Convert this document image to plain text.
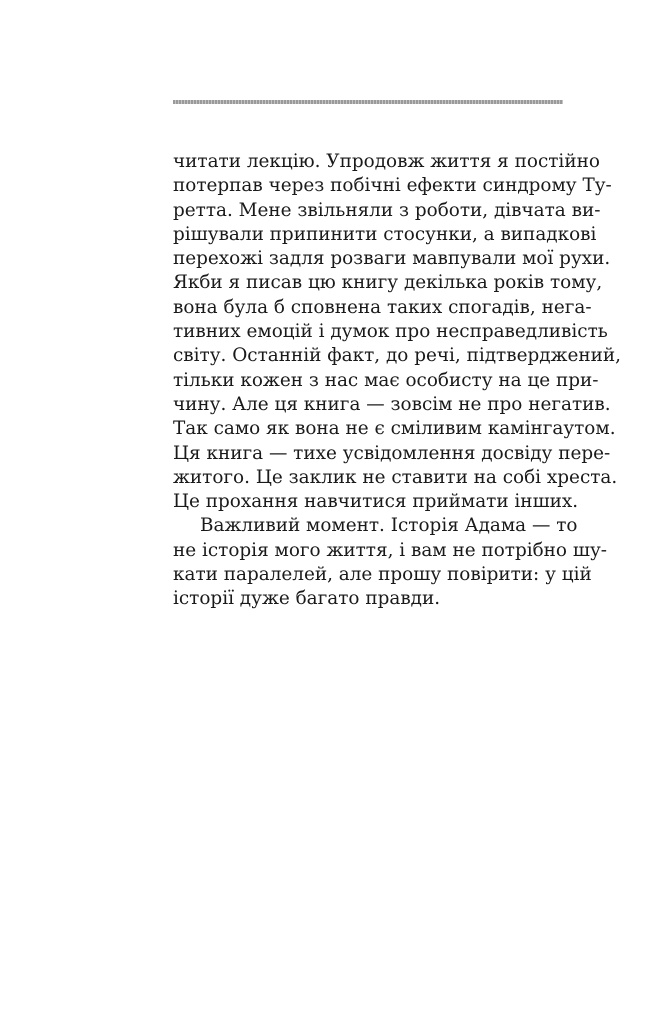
читати лекцію. Упродовж життя я постійно
потерпав через побічні ефекти синдрому Ту-
ретта. Мене звільняли з роботи, дівчата ви-
рішували припинити стосунки, а випадкові
перехожі задля розваги мавпували мої рухи.
Якби я писав цю книгу декілька років тому,
вона була б сповнена таких спогадів, нега-
тивних емоцій і думок про несправедливість
світу. Останній факт, до речі, підтверджений,
тільки кожен з нас має особисту на це при-
чину. Але ця книга — зовсім не про негатив.
Так само як вона не є сміливим камінгаутом.
Ця книга — тихе усвідомлення досвіду пере-
житого. Це заклик не ставити на собі хреста.
Це прохання навчитися приймати інших.
Важливий момент. Історія Адама — то
не історія мого життя, і вам не потрібно шу-
кати паралелей, але прошу повірити: у цій
історії дуже багато правди.
